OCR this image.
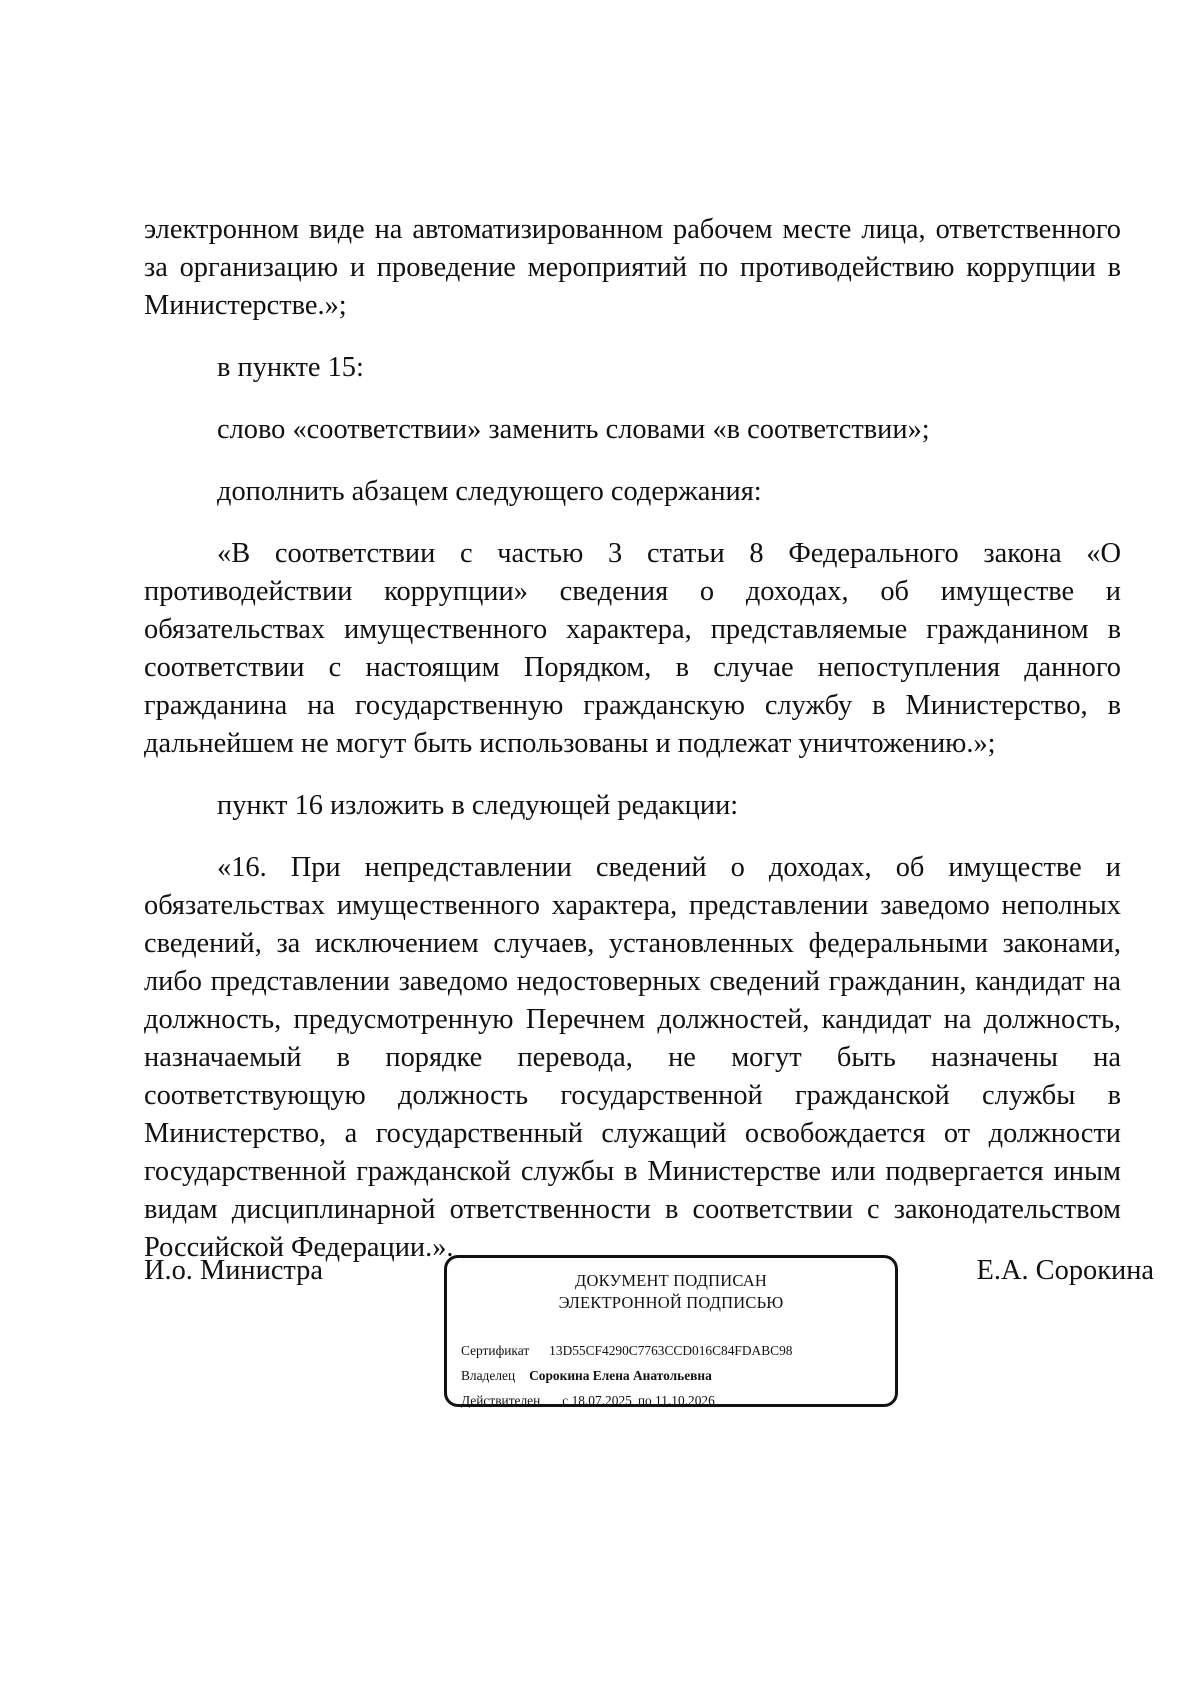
электронном виде на автоматизированном рабочем месте лица, ответственного за организацию и проведение мероприятий по противодействию коррупции в Министерстве.»;

в пункте 15:

слово «соответствии» заменить словами «в соответствии»;

дополнить абзацем следующего содержания:

«В соответствии с частью 3 статьи 8 Федерального закона «О противодействии коррупции» сведения о доходах, об имуществе и обязательствах имущественного характера, представляемые гражданином в соответствии с настоящим Порядком, в случае непоступления данного гражданина на государственную гражданскую службу в Министерство, в дальнейшем не могут быть использованы и подлежат уничтожению.»;

пункт 16 изложить в следующей редакции:

«16. При непредставлении сведений о доходах, об имуществе и обязательствах имущественного характера, представлении заведомо неполных сведений, за исключением случаев, установленных федеральными законами, либо представлении заведомо недостоверных сведений гражданин, кандидат на должность, предусмотренную Перечнем должностей, кандидат на должность, назначаемый в порядке перевода, не могут быть назначены на соответствующую должность государственной гражданской службы в Министерство, а государственный служащий освобождается от должности государственной гражданской службы в Министерстве или подвергается иным видам дисциплинарной ответственности в соответствии с законодательством Российской Федерации.».

И.о. Министра	ДОКУМЕНТ ПОДПИСАН
ЭЛЕКТРОННОЙ ПОДПИСЬЮ
Сертификат 13D55CF4290C7763CCD016C84FDABC98
Владелец Сорокина Елена Анатольевна
Действителен с 18.07.2025 по 11.10.2026
Е.А. Сорокина
